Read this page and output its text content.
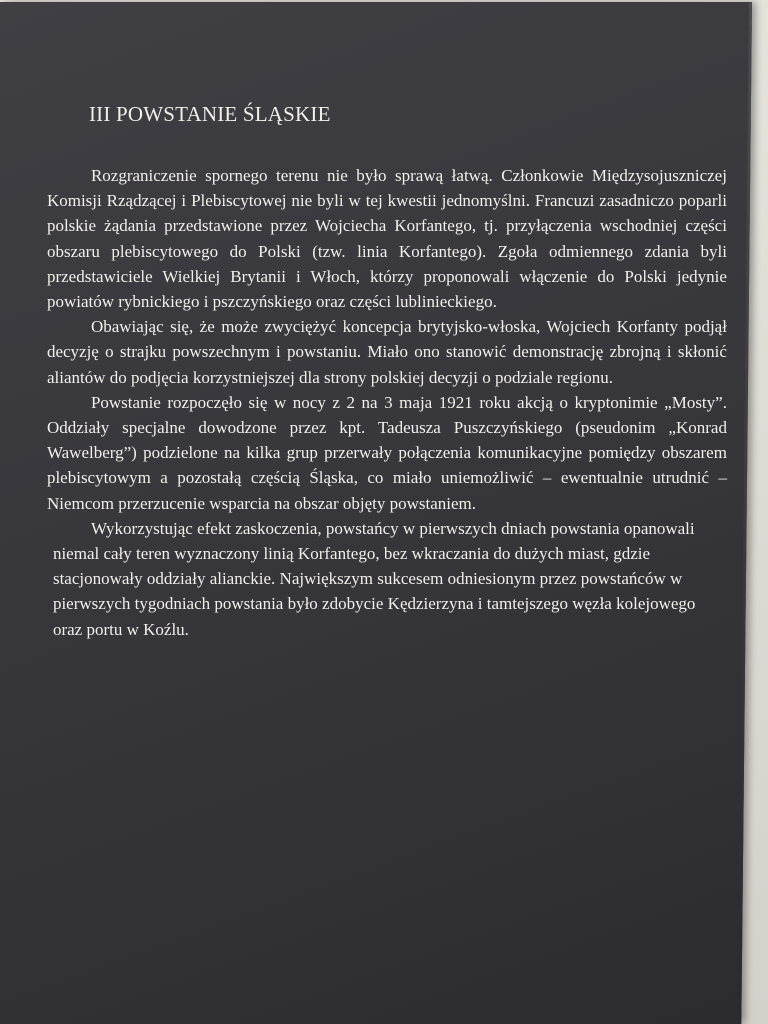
III POWSTANIE ŚLĄSKIE

Rozgraniczenie spornego terenu nie było sprawą łatwą. Członkowie Międzysojuszniczej Komisji Rządzącej i Plebiscytowej nie byli w tej kwestii jednomyślni. Francuzi zasadniczo poparli polskie żądania przedstawione przez Wojciecha Korfantego, tj. przyłączenia wschodniej części obszaru plebiscytowego do Polski (tzw. linia Korfantego). Zgoła odmiennego zdania byli przedstawiciele Wielkiej Brytanii i Włoch, którzy proponowali włączenie do Polski jedynie powiatów rybnickiego i pszczyńskiego oraz części lublinieckiego.

Obawiając się, że może zwyciężyć koncepcja brytyjsko-włoska, Wojciech Korfanty podjął decyzję o strajku powszechnym i powstaniu. Miało ono stanowić demonstrację zbrojną i skłonić aliantów do podjęcia korzystniejszej dla strony polskiej decyzji o podziale regionu.

Powstanie rozpoczęło się w nocy z 2 na 3 maja 1921 roku akcją o kryptonimie „Mosty”. Oddziały specjalne dowodzone przez kpt. Tadeusza Puszczyńskiego (pseudonim „Konrad Wawelberg”) podzielone na kilka grup przerwały połączenia komunikacyjne pomiędzy obszarem plebiscytowym a pozostałą częścią Śląska, co miało uniemożliwić – ewentualnie utrudnić – Niemcom przerzucenie wsparcia na obszar objęty powstaniem.

Wykorzystując efekt zaskoczenia, powstańcy w pierwszych dniach powstania opanowali niemal cały teren wyznaczony linią Korfantego, bez wkraczania do dużych miast, gdzie stacjonowały oddziały alianckie. Największym sukcesem odniesionym przez powstańców w pierwszych tygodniach powstania było zdobycie Kędzierzyna i tamtejszego węzła kolejowego oraz portu w Koźlu.
